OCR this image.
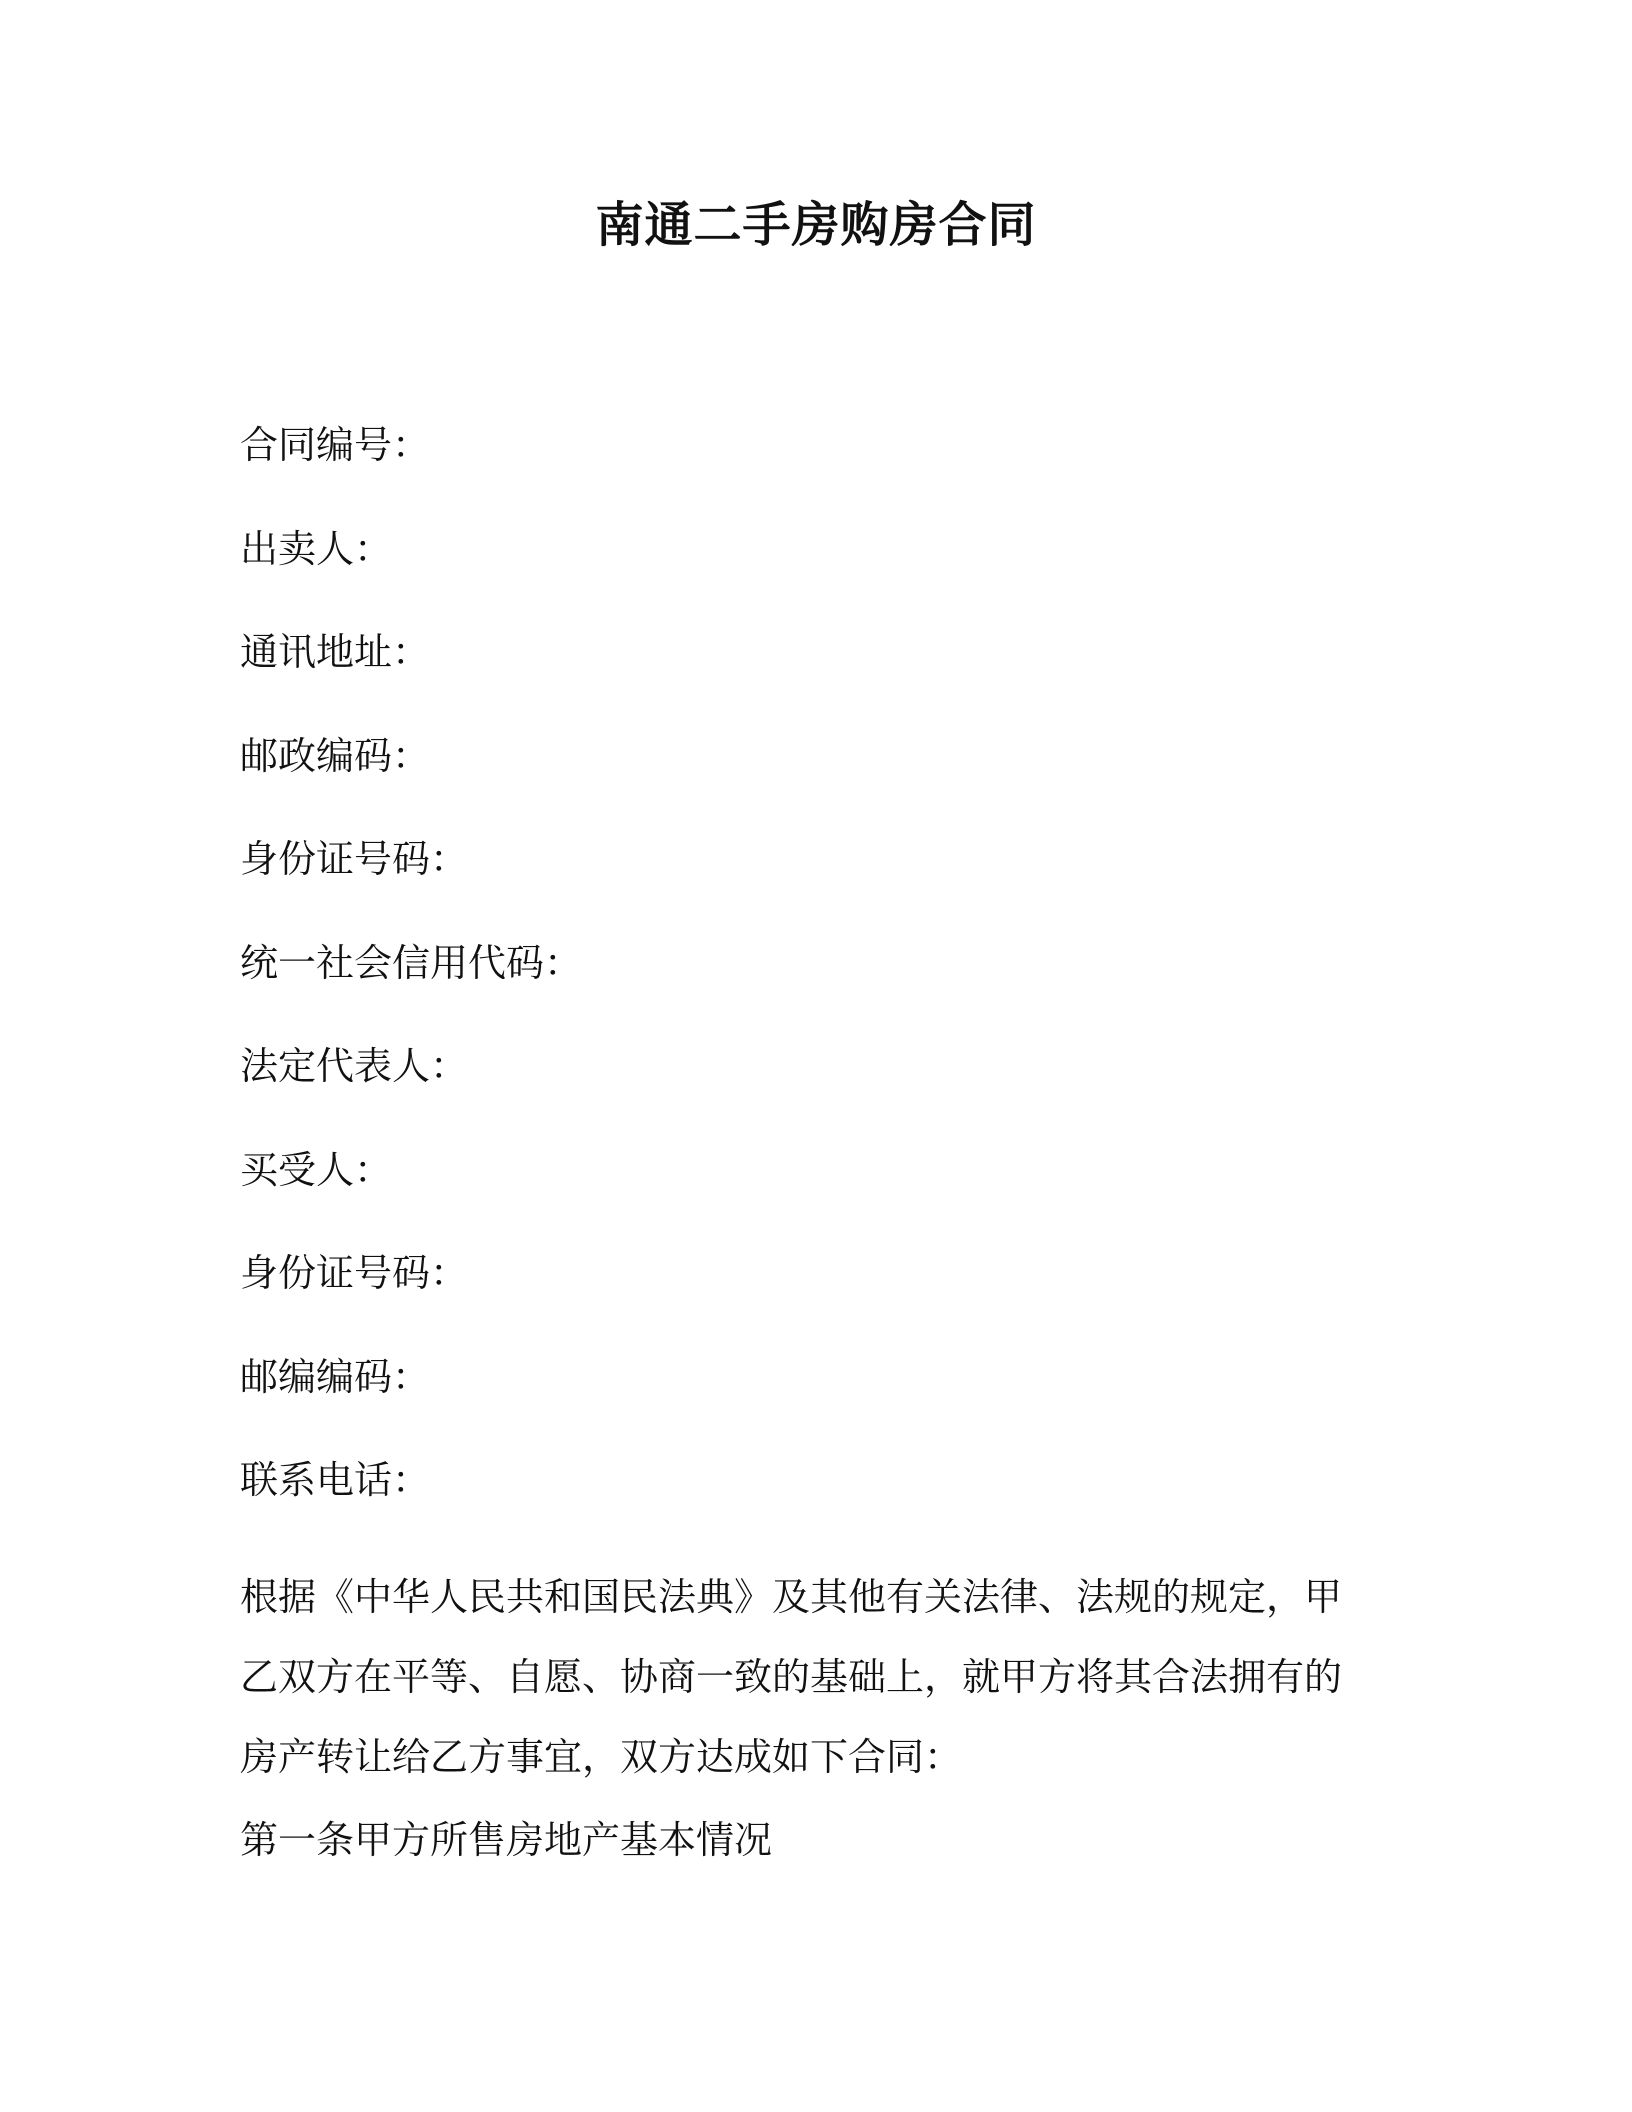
南通二手房购房合同
合同编号：
出卖人：
通讯地址：
邮政编码：
身份证号码：
统一社会信用代码：
法定代表人：
买受人：
身份证号码：
邮编编码：
联系电话：
根据《中华人民共和国民法典》及其他有关法律、法规的规定，甲乙双方在平等、自愿、协商一致的基础上，就甲方将其合法拥有的房产转让给乙方事宜，双方达成如下合同：
第一条甲方所售房地产基本情况
